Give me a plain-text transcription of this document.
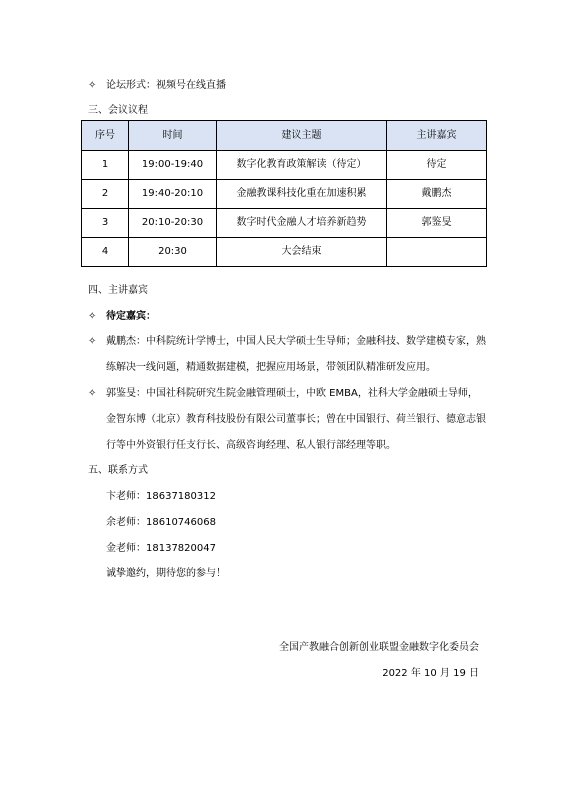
✧ 论坛形式：视频号在线直播
三、会议议程
序号	时间	建议主题	主讲嘉宾
1	19:00-19:40	数字化教育政策解读（待定）	待定
2	19:40-20:10	金融教课科技化重在加速积累	戴鹏杰
3	20:10-20:30	数字时代金融人才培养新趋势	郭鉴旻
4	20:30	大会结束	
四、主讲嘉宾
✧ 待定嘉宾：
✧ 戴鹏杰：中科院统计学博士，中国人民大学硕士生导师；金融科技、数学建模专家，熟
练解决一线问题，精通数据建模，把握应用场景，带领团队精准研发应用。
✧ 郭鉴旻：中国社科院研究生院金融管理硕士，中欧 EMBA，社科大学金融硕士导师，
金智东博（北京）教育科技股份有限公司董事长；曾在中国银行、荷兰银行、德意志银
行等中外资银行任支行长、高级咨询经理、私人银行部经理等职。
五、联系方式
卞老师：18637180312
余老师：18610746068
金老师：18137820047
诚挚邀约，期待您的参与！
全国产教融合创新创业联盟金融数字化委员会
2022 年 10 月 19 日
